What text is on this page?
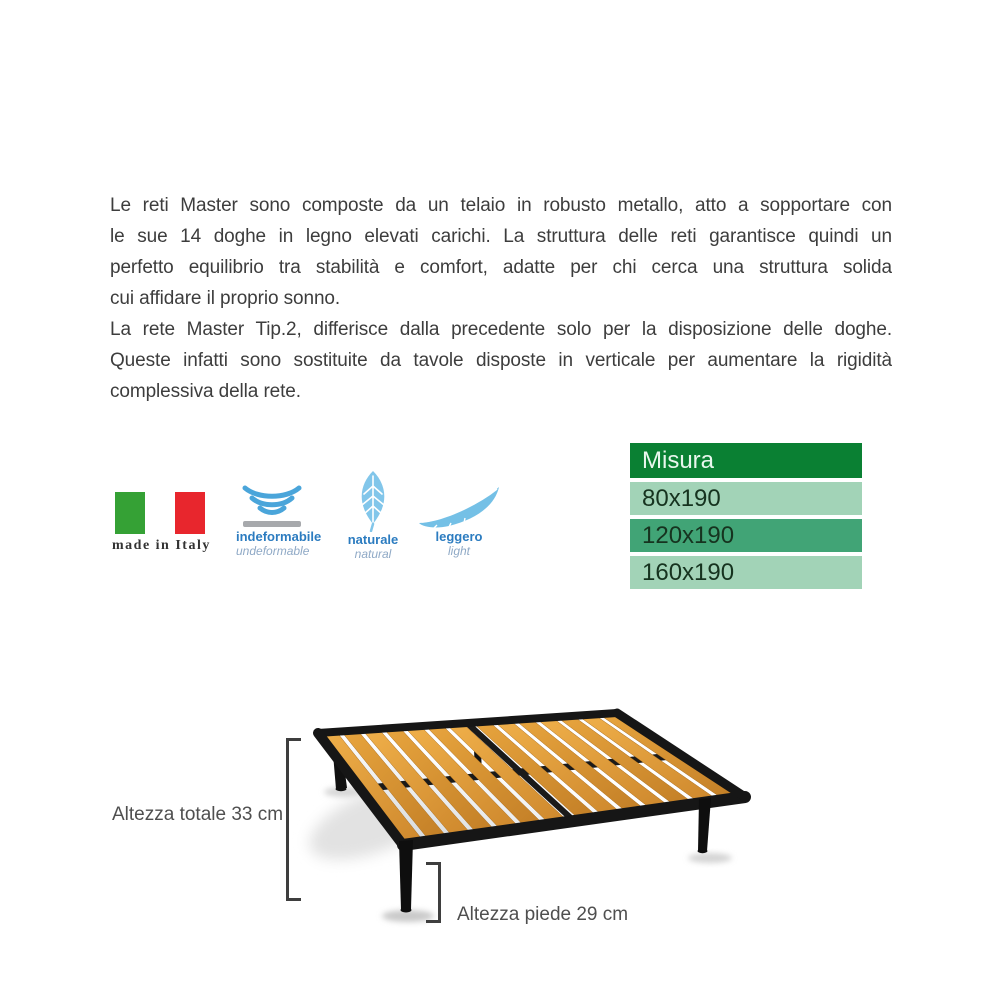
Le reti Master sono composte da un telaio in robusto metallo, atto a sopportare con
le sue 14 doghe in legno elevati carichi. La struttura delle reti garantisce quindi un
perfetto equilibrio tra stabilità e comfort, adatte per chi cerca una struttura solida
cui affidare il proprio sonno.
La rete Master Tip.2, differisce dalla precedente solo per la disposizione delle doghe.
Queste infatti sono sostituite da tavole disposte in verticale per aumentare la rigidità
complessiva della rete.
made in Italy
indeformabile
undeformable
naturale
natural
leggero
light
Misura
80x190
120x190
160x190
Altezza totale 33 cm
Altezza piede 29 cm
